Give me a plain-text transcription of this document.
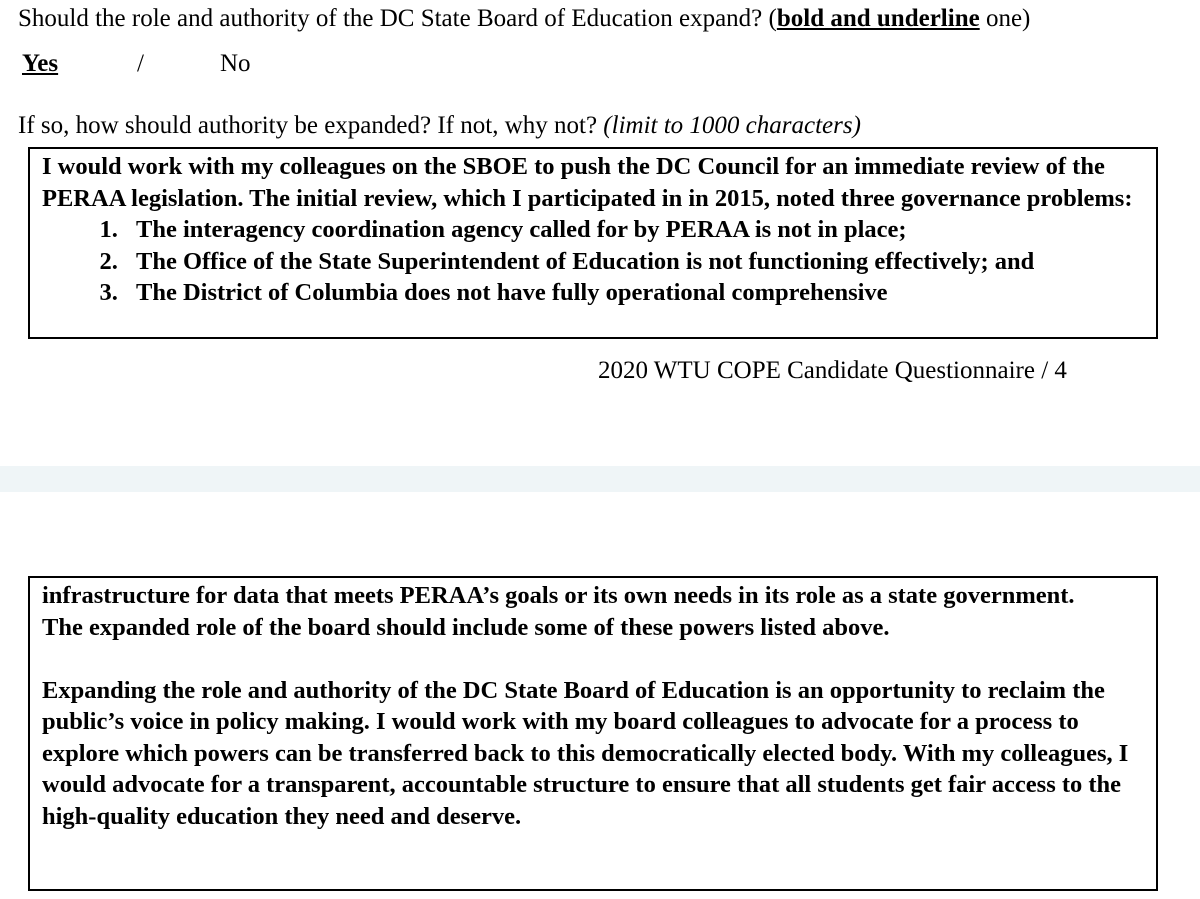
Should the role and authority of the DC State Board of Education expand? (bold and underline one)
Yes	/	No
If so, how should authority be expanded? If not, why not? (limit to 1000 characters)
I would work with my colleagues on the SBOE to push the DC Council for an immediate review of the PERAA legislation. The initial review, which I participated in in 2015, noted three governance problems:
1. The interagency coordination agency called for by PERAA is not in place;
2. The Office of the State Superintendent of Education is not functioning effectively; and
3. The District of Columbia does not have fully operational comprehensive
2020 WTU COPE Candidate Questionnaire / 4

infrastructure for data that meets PERAA’s goals or its own needs in its role as a state government.

The expanded role of the board should include some of these powers listed above.

Expanding the role and authority of the DC State Board of Education is an opportunity to reclaim the public’s voice in policy making. I would work with my board colleagues to advocate for a process to explore which powers can be transferred back to this democratically elected body. With my colleagues, I would advocate for a transparent, accountable structure to ensure that all students get fair access to the high-quality education they need and deserve.
